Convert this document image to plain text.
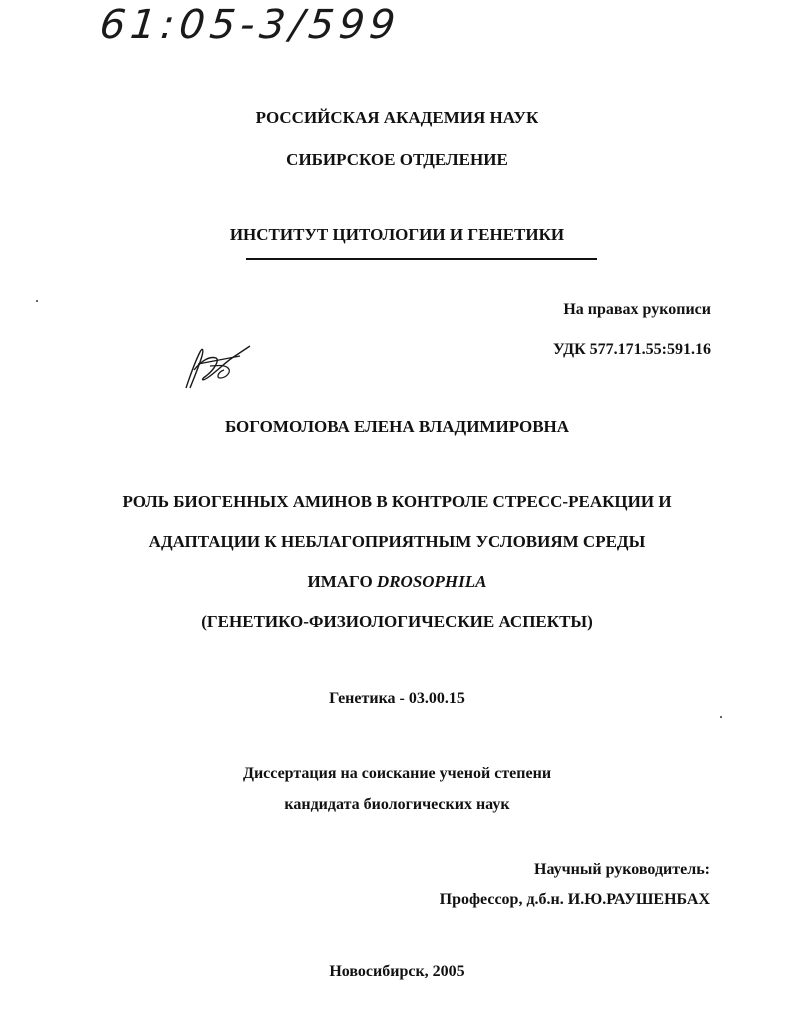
61:05-3/599
РОССИЙСКАЯ АКАДЕМИЯ НАУК
СИБИРСКОЕ ОТДЕЛЕНИЕ
ИНСТИТУТ ЦИТОЛОГИИ И ГЕНЕТИКИ
На правах рукописи
УДК 577.171.55:591.16
БОГОМОЛОВА ЕЛЕНА ВЛАДИМИРОВНА
РОЛЬ БИОГЕННЫХ АМИНОВ В КОНТРОЛЕ СТРЕСС-РЕАКЦИИ И
АДАПТАЦИИ К НЕБЛАГОПРИЯТНЫМ УСЛОВИЯМ СРЕДЫ
ИМАГО DROSOPHILA
(ГЕНЕТИКО-ФИЗИОЛОГИЧЕСКИЕ АСПЕКТЫ)
Генетика - 03.00.15
Диссертация на соискание ученой степени
кандидата биологических наук
Научный руководитель:
Профессор, д.б.н. И.Ю.РАУШЕНБАХ
Новосибирск, 2005
